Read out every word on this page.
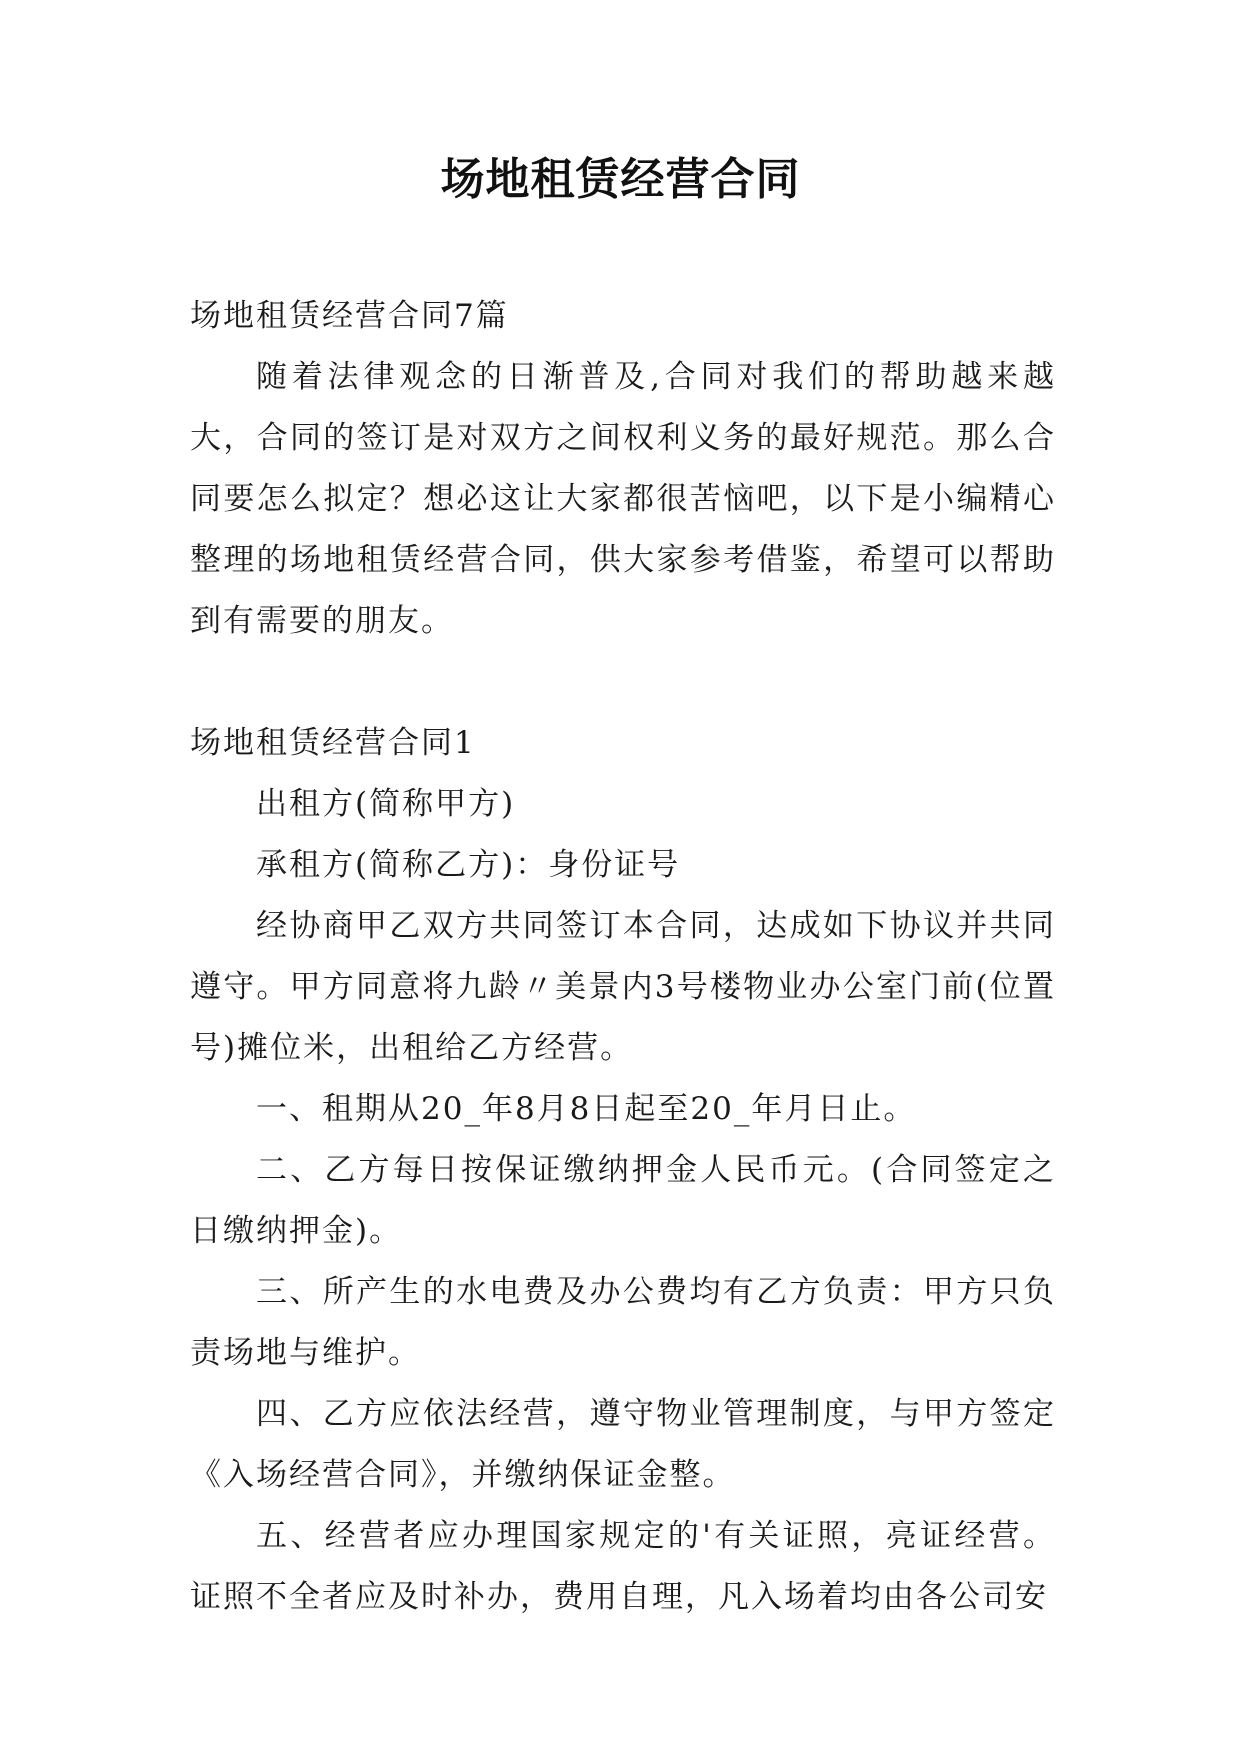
场地租赁经营合同

场地租赁经营合同7篇

随着法律观念的日渐普及,合同对我们的帮助越来越大，合同的签订是对双方之间权利义务的最好规范。那么合同要怎么拟定？想必这让大家都很苦恼吧，以下是小编精心整理的场地租赁经营合同，供大家参考借鉴，希望可以帮助到有需要的朋友。

场地租赁经营合同1

出租方(简称甲方)

承租方(简称乙方)：身份证号

经协商甲乙双方共同签订本合同，达成如下协议并共同遵守。甲方同意将九龄〃美景内3号楼物业办公室门前(位置号)摊位米，出租给乙方经营。

一、租期从20_年8月8日起至20_年月日止。

二、乙方每日按保证缴纳押金人民币元。(合同签定之日缴纳押金)。

三、所产生的水电费及办公费均有乙方负责：甲方只负责场地与维护。

四、乙方应依法经营，遵守物业管理制度，与甲方签定《入场经营合同》，并缴纳保证金整。

五、经营者应办理国家规定的'有关证照，亮证经营。证照不全者应及时补办，费用自理，凡入场着均由各公司安
